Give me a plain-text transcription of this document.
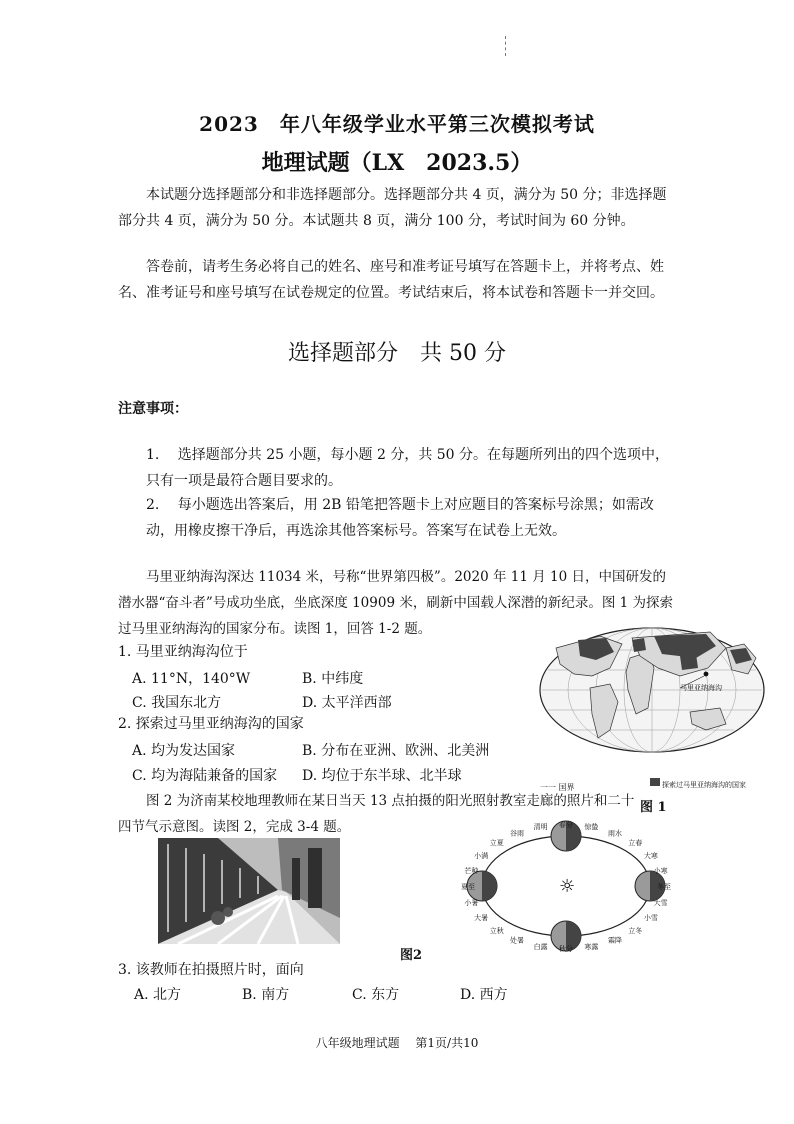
2023　年八年级学业水平第三次模拟考试
地理试题（LX　2023.5）
本试题分选择题部分和非选择题部分。选择题部分共 4 页，满分为 50 分；非选择题部分共 4 页，满分为 50 分。本试题共 8 页，满分 100 分，考试时间为 60 分钟。
答卷前，请考生务必将自己的姓名、座号和准考证号填写在答题卡上，并将考点、姓名、准考证号和座号填写在试卷规定的位置。考试结束后，将本试卷和答题卡一并交回。
选择题部分　共 50 分
注意事项：
1.　 选择题部分共 25 小题，每小题 2 分，共 50 分。在每题所列出的四个选项中，只有一项是最符合题目要求的。
2.　 每小题选出答案后，用 2B 铅笔把答题卡上对应题目的答案标号涂黑；如需改动，用橡皮擦干净后，再选涂其他答案标号。答案写在试卷上无效。
马里亚纳海沟深达 11034 米，号称“世界第四极”。2020 年 11 月 10 日，中国研发的潜水器“奋斗者”号成功坐底，坐底深度 10909 米，刷新中国载人深潜的新纪录。图 1 为探索过马里亚纳海沟的国家分布。读图 1，回答 1-2 题。
1. 马里亚纳海沟位于
A. 11°N，140°W	B. 中纬度
C. 我国东北方	D. 太平洋西部
2. 探索过马里亚纳海沟的国家
A. 均为发达国家	B. 分布在亚洲、欧洲、北美洲
C. 均为海陆兼备的国家 D. 均位于东半球、北半球
马里亚纳海沟
一一 国界	探索过马里亚纳海沟的国家
图 1
图 2 为济南某校地理教师在某日当天 13 点拍摄的阳光照射教室走廊的照片和二十四节气示意图。读图 2，完成 3-4 题。
☼
春分
清明
谷雨
立夏
小满
芒种
夏至
小暑
大暑
立秋
处暑
白露 秋分 寒露
霜降
立冬
小雪
大雪
冬至
小寒
大寒
立春
雨水
惊蛰
图2
3. 该教师在拍摄照片时，面向
A. 北方	B. 南方	C. 东方	D. 西方
八年级地理试题　 第1页/共10
